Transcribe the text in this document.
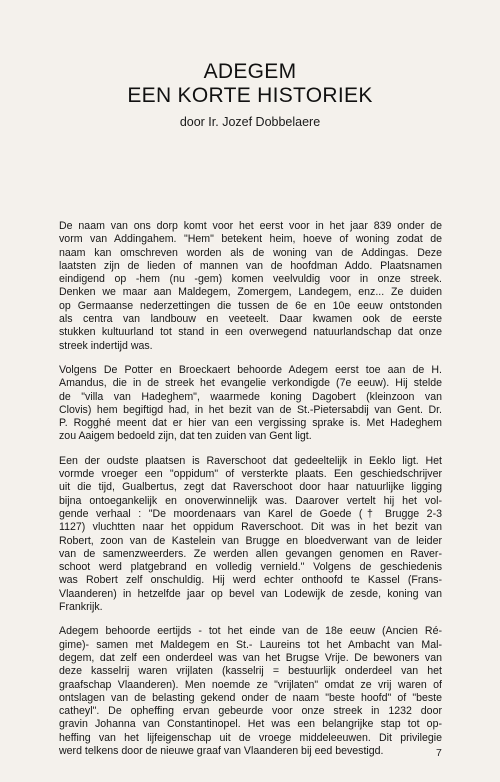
ADEGEM
EEN KORTE HISTORIEK
door Ir. Jozef Dobbelaere
De naam van ons dorp komt voor het eerst voor in het jaar 839 onder de
vorm van Addingahem. "Hem" betekent heim, hoeve of woning zodat de
naam kan omschreven worden als de woning van de Addingas. Deze
laatsten zijn de lieden of mannen van de hoofdman Addo. Plaatsnamen
eindigend op -hem (nu -gem) komen veelvuldig voor in onze streek.
Denken we maar aan Maldegem, Zomergem, Landegem, enz... Ze duiden
op Germaanse nederzettingen die tussen de 6e en 10e eeuw ontstonden
als centra van landbouw en veeteelt. Daar kwamen ook de eerste
stukken kultuurland tot stand in een overwegend natuurlandschap dat onze
streek indertijd was.
Volgens De Potter en Broeckaert behoorde Adegem eerst toe aan de H.
Amandus, die in de streek het evangelie verkondigde (7e eeuw). Hij stelde
de "villa van Hadeghem", waarmede koning Dagobert (kleinzoon van
Clovis) hem begiftigd had, in het bezit van de St.-Pietersabdij van Gent. Dr.
P. Rogghé meent dat er hier van een vergissing sprake is. Met Hadeghem
zou Aaigem bedoeld zijn, dat ten zuiden van Gent ligt.
Een der oudste plaatsen is Raverschoot dat gedeeltelijk in Eeklo ligt. Het
vormde vroeger een "oppidum" of versterkte plaats. Een geschiedschrijver
uit die tijd, Gualbertus, zegt dat Raverschoot door haar natuurlijke ligging
bijna ontoegankelijk en onoverwinnelijk was. Daarover vertelt hij het vol-
gende verhaal : "De moordenaars van Karel de Goede († Brugge 2-3
1127) vluchtten naar het oppidum Raverschoot. Dit was in het bezit van
Robert, zoon van de Kastelein van Brugge en bloedverwant van de leider
van de samenzweerders. Ze werden allen gevangen genomen en Raver-
schoot werd platgebrand en volledig vernield." Volgens de geschiedenis
was Robert zelf onschuldig. Hij werd echter onthoofd te Kassel (Frans-
Vlaanderen) in hetzelfde jaar op bevel van Lodewijk de zesde, koning van
Frankrijk.
Adegem behoorde eertijds - tot het einde van de 18e eeuw (Ancien Ré-
gime)- samen met Maldegem en St.- Laureins tot het Ambacht van Mal-
degem, dat zelf een onderdeel was van het Brugse Vrije. De bewoners van
deze kasselrij waren vrijlaten (kasselrij = bestuurlijk onderdeel van het
graafschap Vlaanderen). Men noemde ze "vrijlaten" omdat ze vrij waren of
ontslagen van de belasting gekend onder de naam "beste hoofd" of "beste
catheyl". De opheffing ervan gebeurde voor onze streek in 1232 door
gravin Johanna van Constantinopel. Het was een belangrijke stap tot op-
heffing van het lijfeigenschap uit de vroege middeleeuwen. Dit privilegie
werd telkens door de nieuwe graaf van Vlaanderen bij eed bevestigd.	7
